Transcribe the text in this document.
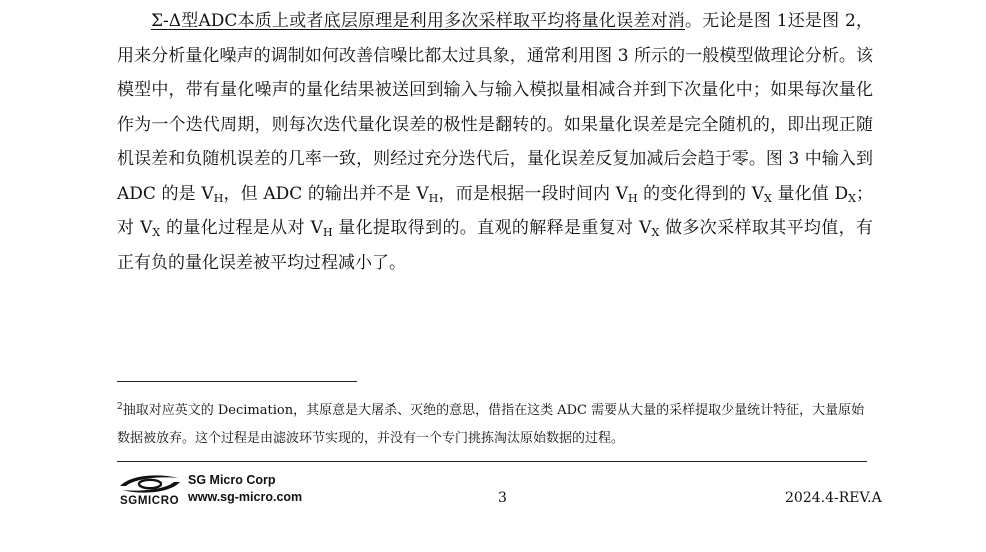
Σ-Δ型ADC本质上或者底层原理是利用多次采样取平均将量化误差对消。无论是图 1还是图 2，用来分析量化噪声的调制如何改善信噪比都太过具象，通常利用图 3 所示的一般模型做理论分析。该模型中，带有量化噪声的量化结果被送回到输入与输入模拟量相减合并到下次量化中；如果每次量化作为一个迭代周期，则每次迭代量化误差的极性是翻转的。如果量化误差是完全随机的，即出现正随机误差和负随机误差的几率一致，则经过充分迭代后，量化误差反复加减后会趋于零。图 3 中输入到 ADC 的是 $V_H$，但 ADC 的输出并不是 $V_H$，而是根据一段时间内 $V_H$ 的变化得到的 $V_X$ 量化值 $D_X$；对 $V_X$ 的量化过程是从对 $V_H$ 量化提取得到的。直观的解释是重复对 $V_X$ 做多次采样取其平均值，有正有负的量化误差被平均过程减小了。

$^2$抽取对应英文的 Decimation，其原意是大屠杀、灭绝的意思，借指在这类 ADC 需要从大量的采样提取少量统计特征，大量原始数据被放弃。这个过程是由滤波环节实现的，并没有一个专门挑拣淘汰原始数据的过程。

SG Micro Corp
www.sg-micro.com
SGMICRO	3	2024.4-REV.A
